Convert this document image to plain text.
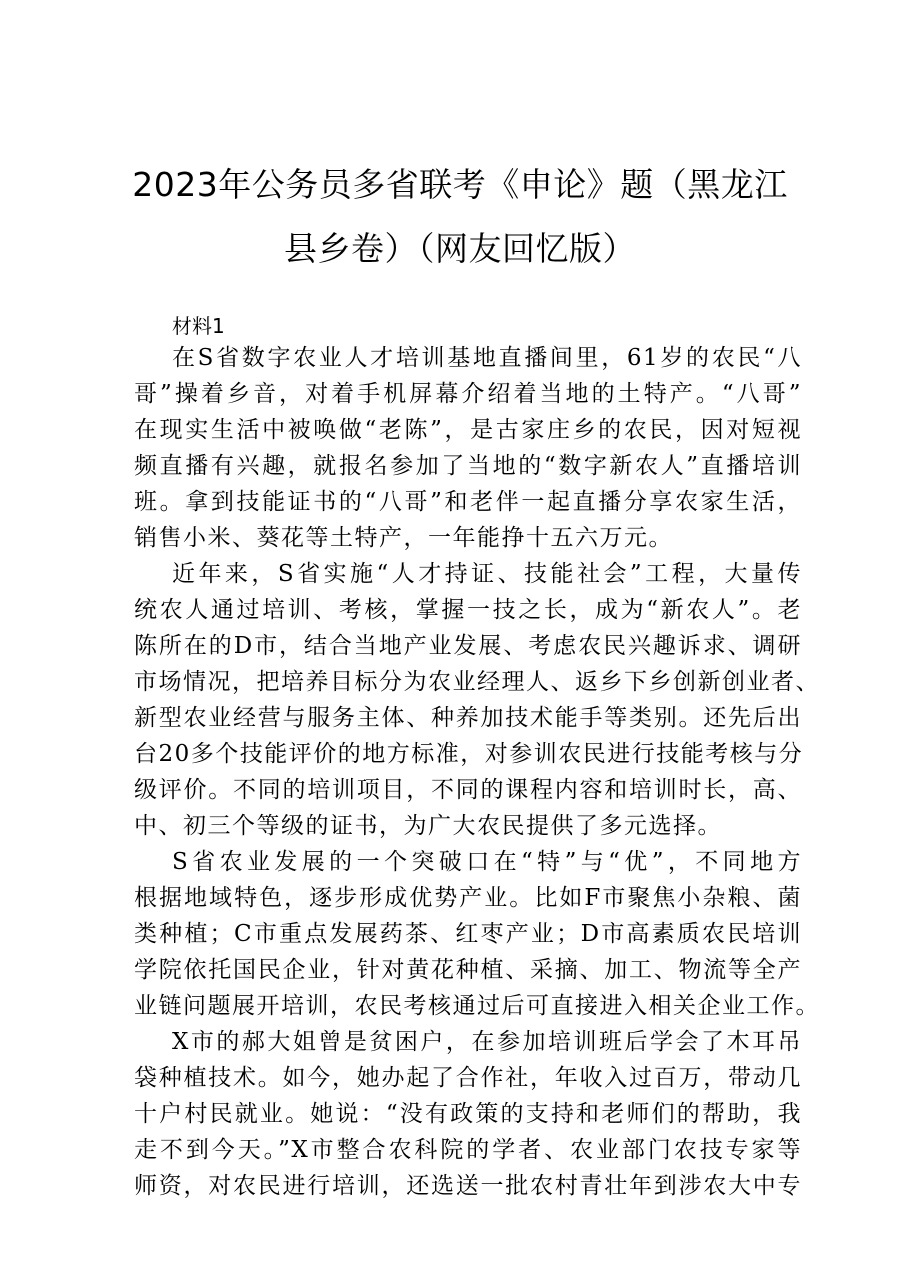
2023年公务员多省联考《申论》题（黑龙江
县乡卷）（网友回忆版）

材料1

在S省数字农业人才培训基地直播间里，61岁的农民“八
哥”操着乡音，对着手机屏幕介绍着当地的土特产。“八哥”
在现实生活中被唤做“老陈”，是古家庄乡的农民，因对短视
频直播有兴趣，就报名参加了当地的“数字新农人”直播培训
班。拿到技能证书的“八哥”和老伴一起直播分享农家生活，
销售小米、葵花等土特产，一年能挣十五六万元。
近年来，S省实施“人才持证、技能社会”工程，大量传
统农人通过培训、考核，掌握一技之长，成为“新农人”。老
陈所在的D市，结合当地产业发展、考虑农民兴趣诉求、调研
市场情况，把培养目标分为农业经理人、返乡下乡创新创业者、
新型农业经营与服务主体、种养加技术能手等类别。还先后出
台20多个技能评价的地方标准，对参训农民进行技能考核与分
级评价。不同的培训项目，不同的课程内容和培训时长，高、
中、初三个等级的证书，为广大农民提供了多元选择。
S省农业发展的一个突破口在“特”与“优”，不同地方
根据地域特色，逐步形成优势产业。比如F市聚焦小杂粮、菌
类种植；C市重点发展药茶、红枣产业；D市高素质农民培训
学院依托国民企业，针对黄花种植、采摘、加工、物流等全产
业链问题展开培训，农民考核通过后可直接进入相关企业工作。
X市的郝大姐曾是贫困户，在参加培训班后学会了木耳吊
袋种植技术。如今，她办起了合作社，年收入过百万，带动几
十户村民就业。她说：“没有政策的支持和老师们的帮助，我
走不到今天。”X市整合农科院的学者、农业部门农技专家等
师资，对农民进行培训，还选送一批农村青壮年到涉农大中专
